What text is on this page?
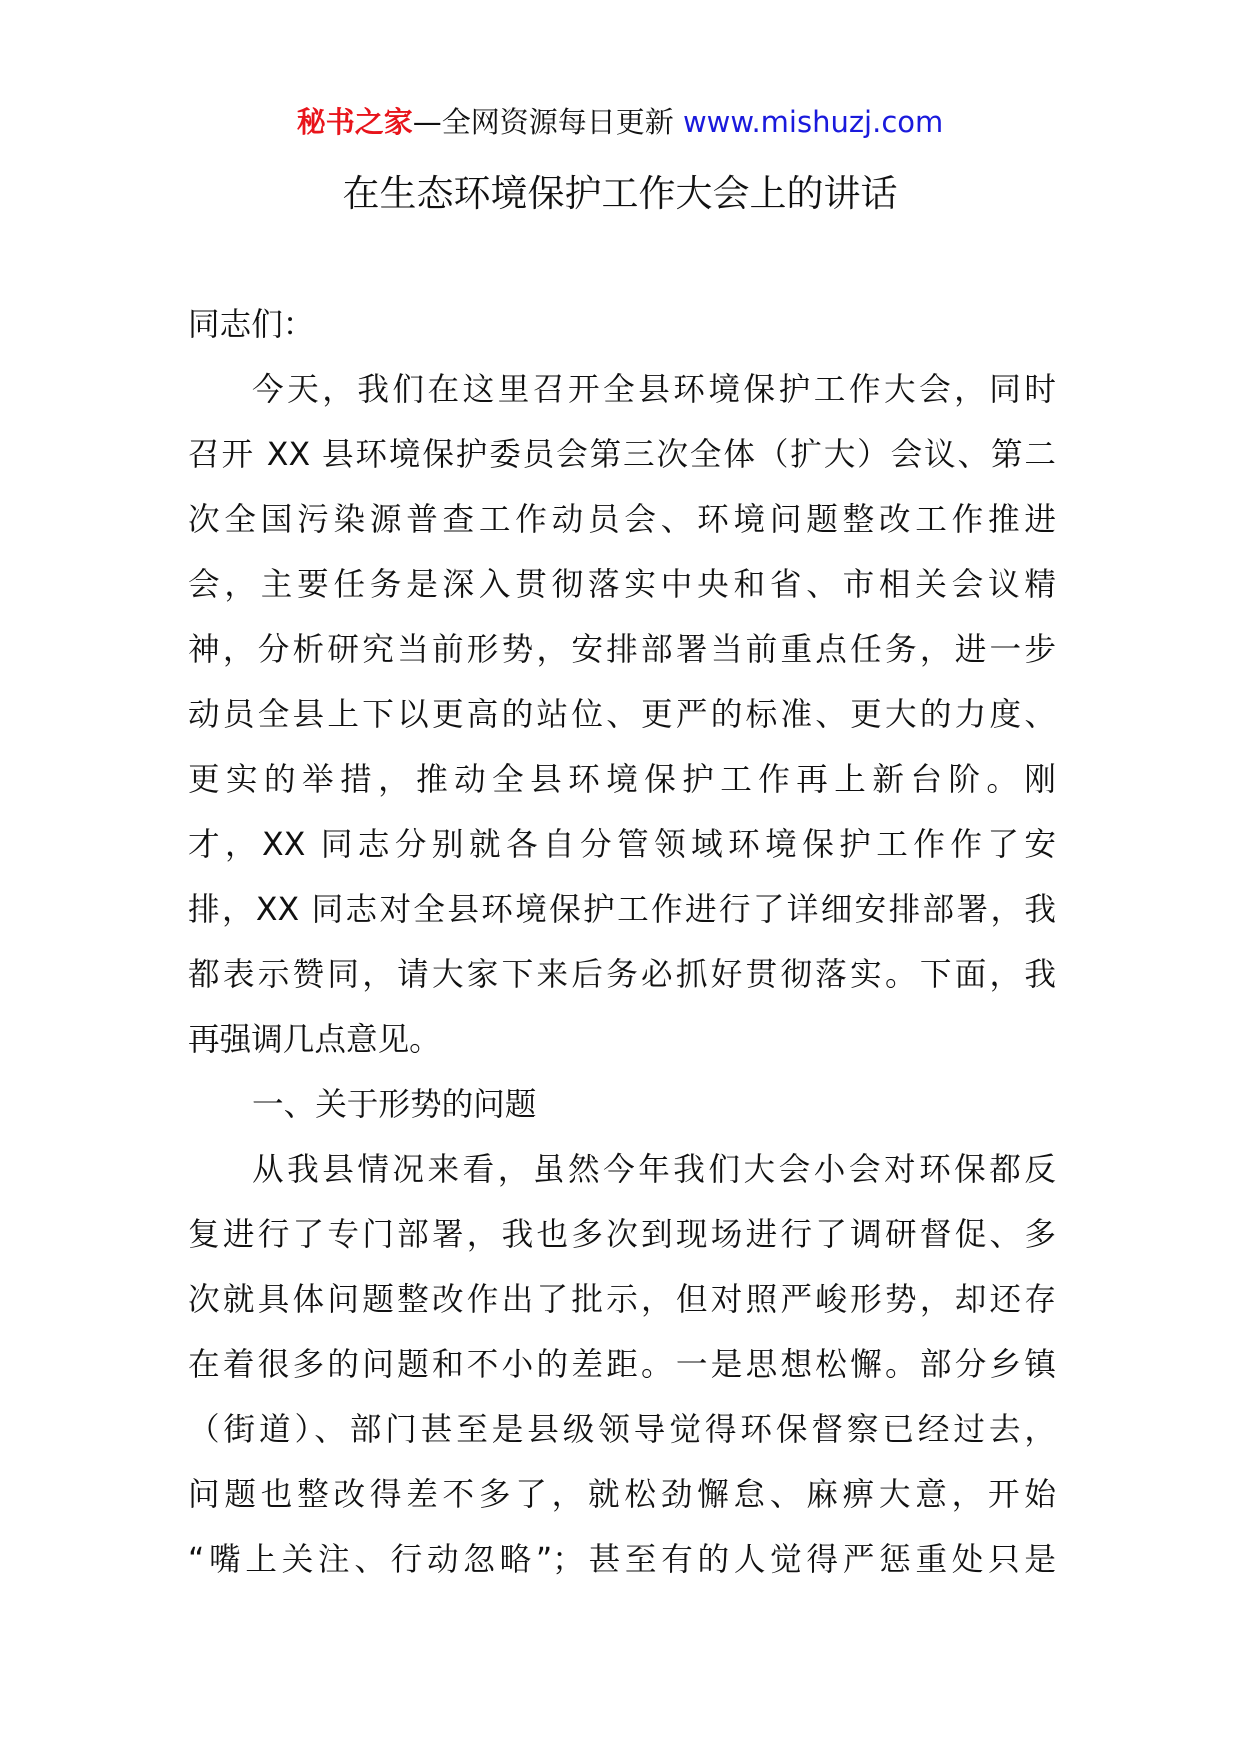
秘书之家—全网资源每日更新 www.mishuzj.com
在生态环境保护工作大会上的讲话
同志们：
今天，我们在这里召开全县环境保护工作大会，同时
召开 XX 县环境保护委员会第三次全体（扩大）会议、第二
次全国污染源普查工作动员会、环境问题整改工作推进
会，主要任务是深入贯彻落实中央和省、市相关会议精
神，分析研究当前形势，安排部署当前重点任务，进一步
动员全县上下以更高的站位、更严的标准、更大的力度、
更实的举措，推动全县环境保护工作再上新台阶。刚
才，XX 同志分别就各自分管领域环境保护工作作了安
排，XX 同志对全县环境保护工作进行了详细安排部署，我
都表示赞同，请大家下来后务必抓好贯彻落实。下面，我
再强调几点意见。
一、关于形势的问题
从我县情况来看，虽然今年我们大会小会对环保都反
复进行了专门部署，我也多次到现场进行了调研督促、多
次就具体问题整改作出了批示，但对照严峻形势，却还存
在着很多的问题和不小的差距。一是思想松懈。部分乡镇
（街道）、部门甚至是县级领导觉得环保督察已经过去，
问题也整改得差不多了，就松劲懈怠、麻痹大意，开始
“嘴上关注、行动忽略”；甚至有的人觉得严惩重处只是
